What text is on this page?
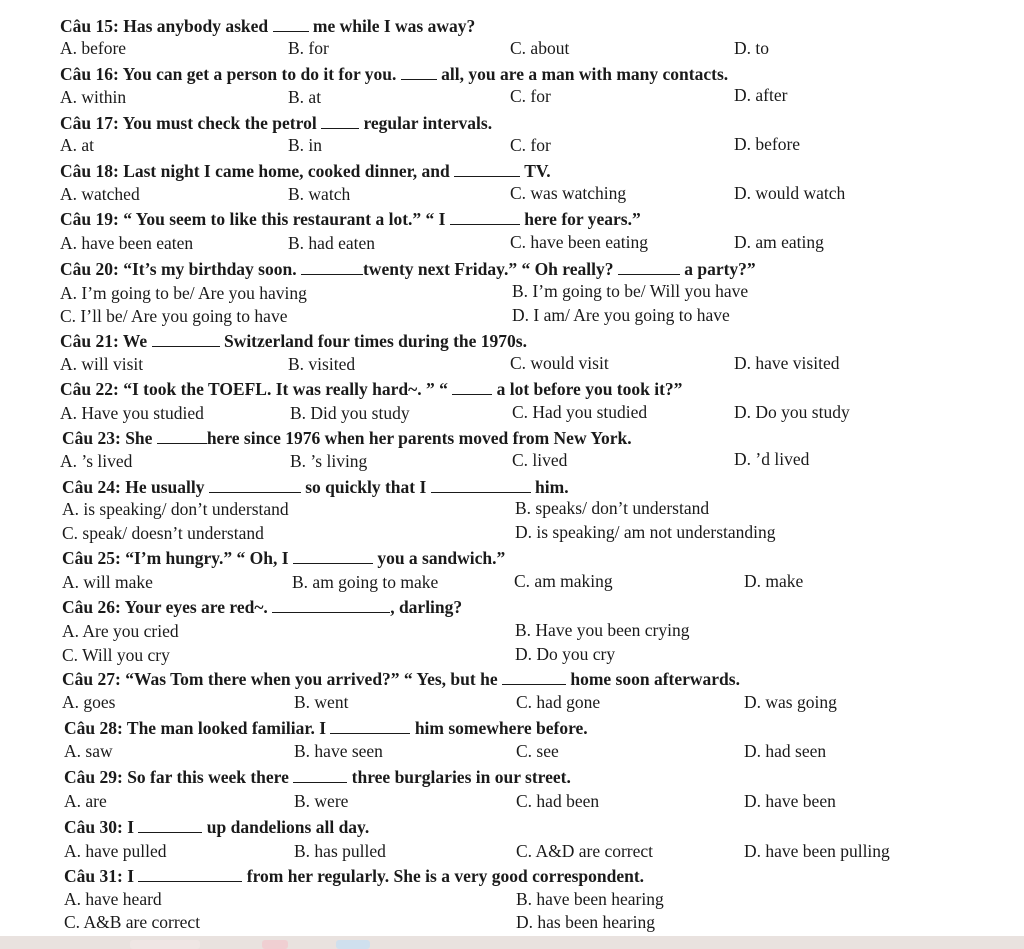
Câu 15: Has anybody asked	me while I was away?
A. before	B. for	C. about	D. to
Câu 16: You can get a person to do it for you.	all, you are a man with many contacts.
A. within	B. at	C. for	D. after
Câu 17: You must check the petrol	regular intervals.
A. at	B. in	C. for	D. before
Câu 18: Last night I came home, cooked dinner, and	TV.
A. watched	B. watch	C. was watching	D. would watch
Câu 19: “ You seem to like this restaurant a lot.” “ I	here for years.”
A. have been eaten	B. had eaten	C. have been eating	D. am eating
Câu 20: “It’s my birthday soon.	twenty next Friday.” “ Oh really?	a party?”
A. I’m going to be/ Are you having	B. I’m going to be/ Will you have
C. I’ll be/ Are you going to have	D. I am/ Are you going to have
Câu 21: We	Switzerland four times during the 1970s.
A. will visit	B. visited	C. would visit	D. have visited
Câu 22: “I took the TOEFL. It was really hard~. ” “	a lot before you took it?”
A. Have you studied	B. Did you study	C. Had you studied	D. Do you study
Câu 23: She	here since 1976 when her parents moved from New York.
A. ’s lived	B. ’s living	C. lived	D. ’d lived
Câu 24: He usually	so quickly that I	him.
A. is speaking/ don’t understand	B. speaks/ don’t understand
C. speak/ doesn’t understand	D. is speaking/ am not understanding
Câu 25: “I’m hungry.” “ Oh, I	you a sandwich.”
A. will make	B. am going to make	C. am making	D. make
Câu 26: Your eyes are red~.	, darling?
A. Are you cried	B. Have you been crying
C. Will you cry	D. Do you cry
Câu 27: “Was Tom there when you arrived?” “ Yes, but he	home soon afterwards.
A. goes	B. went	C. had gone	D. was going
Câu 28: The man looked familiar. I	him somewhere before.
A. saw	B. have seen	C. see	D. had seen
Câu 29: So far this week there	three burglaries in our street.
A. are	B. were	C. had been	D. have been
Câu 30: I	up dandelions all day.
A. have pulled	B. has pulled	C. A&D are correct	D. have been pulling
Câu 31: I	from her regularly. She is a very good correspondent.
A. have heard	B. have been hearing
C. A&B are correct	D. has been hearing
